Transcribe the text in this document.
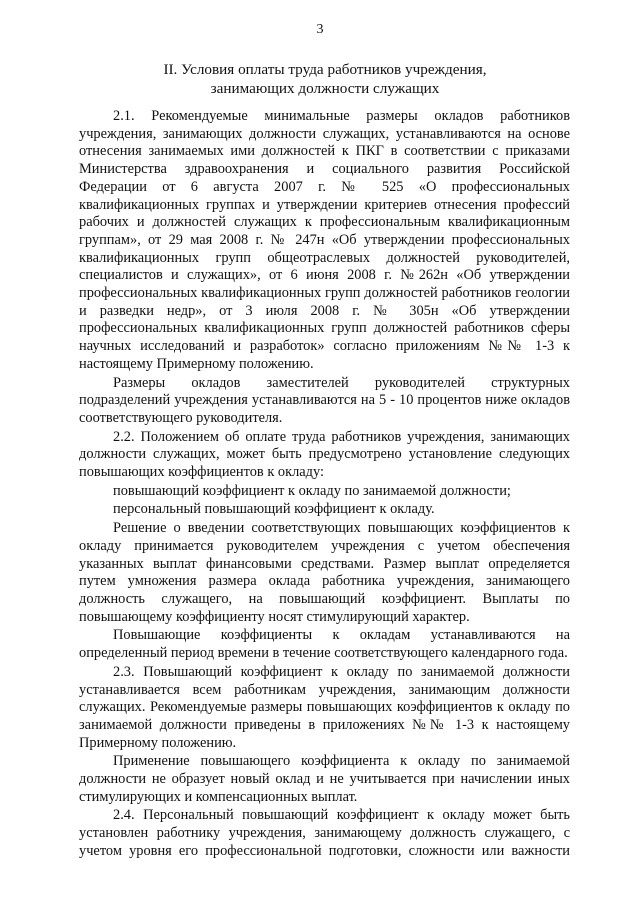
3
II. Условия оплаты труда работников учреждения,
занимающих должности служащих

2.1. Рекомендуемые минимальные размеры окладов работников учреждения, занимающих должности служащих, устанавливаются на основе отнесения занимаемых ими должностей к ПКГ в соответствии с приказами Министерства здравоохранения и социального развития Российской Федерации от 6 августа 2007 г. № 525 «О профессиональных квалификационных группах и утверждении критериев отнесения профессий рабочих и должностей служащих к профессиональным квалификационным группам», от 29 мая 2008 г. № 247н «Об утверждении профессиональных квалификационных групп общеотраслевых должностей руководителей, специалистов и служащих», от 6 июня 2008 г. №262н «Об утверждении профессиональных квалификационных групп должностей работников геологии и разведки недр», от 3 июля 2008 г. № 305н «Об утверждении профессиональных квалификационных групп должностей работников сферы научных исследований и разработок» согласно приложениям №№ 1-3 к настоящему Примерному положению.

Размеры окладов заместителей руководителей структурных подразделений учреждения устанавливаются на 5 - 10 процентов ниже окладов соответствующего руководителя.

2.2. Положением об оплате труда работников учреждения, занимающих должности служащих, может быть предусмотрено установление следующих повышающих коэффициентов к окладу:

повышающий коэффициент к окладу по занимаемой должности;

персональный повышающий коэффициент к окладу.

Решение о введении соответствующих повышающих коэффициентов к окладу принимается руководителем учреждения с учетом обеспечения указанных выплат финансовыми средствами. Размер выплат определяется путем умножения размера оклада работника учреждения, занимающего должность служащего, на повышающий коэффициент. Выплаты по повышающему коэффициенту носят стимулирующий характер.

Повышающие коэффициенты к окладам устанавливаются на определенный период времени в течение соответствующего календарного года.

2.3. Повышающий коэффициент к окладу по занимаемой должности устанавливается всем работникам учреждения, занимающим должности служащих. Рекомендуемые размеры повышающих коэффициентов к окладу по занимаемой должности приведены в приложениях №№ 1-3 к настоящему Примерному положению.

Применение повышающего коэффициента к окладу по занимаемой должности не образует новый оклад и не учитывается при начислении иных стимулирующих и компенсационных выплат.

2.4. Персональный повышающий коэффициент к окладу может быть установлен работнику учреждения, занимающему должность служащего, с учетом уровня его профессиональной подготовки, сложности или важности
